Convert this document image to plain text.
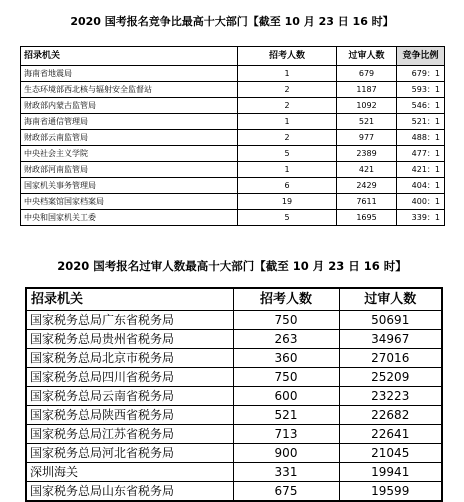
2020 国考报名竞争比最高十大部门【截至 10 月 23 日 16 时】
招录机关	招考人数	过审人数	竞争比例
海南省地震局	1	679	679：1
生态环境部西北核与辐射安全监督站	2	1187	593：1
财政部内蒙古监管局	2	1092	546：1
海南省通信管理局	1	521	521：1
财政部云南监管局	2	977	488：1
中央社会主义学院	5	2389	477：1
财政部河南监管局	1	421	421：1
国家机关事务管理局	6	2429	404：1
中央档案馆国家档案局	19	7611	400：1
中央和国家机关工委	5	1695	339：1
2020 国考报名过审人数最高十大部门【截至 10 月 23 日 16 时】
招录机关	招考人数	过审人数
国家税务总局广东省税务局	750	50691
国家税务总局贵州省税务局	263	34967
国家税务总局北京市税务局	360	27016
国家税务总局四川省税务局	750	25209
国家税务总局云南省税务局	600	23223
国家税务总局陕西省税务局	521	22682
国家税务总局江苏省税务局	713	22641
国家税务总局河北省税务局	900	21045
深圳海关	331	19941
国家税务总局山东省税务局	675	19599
